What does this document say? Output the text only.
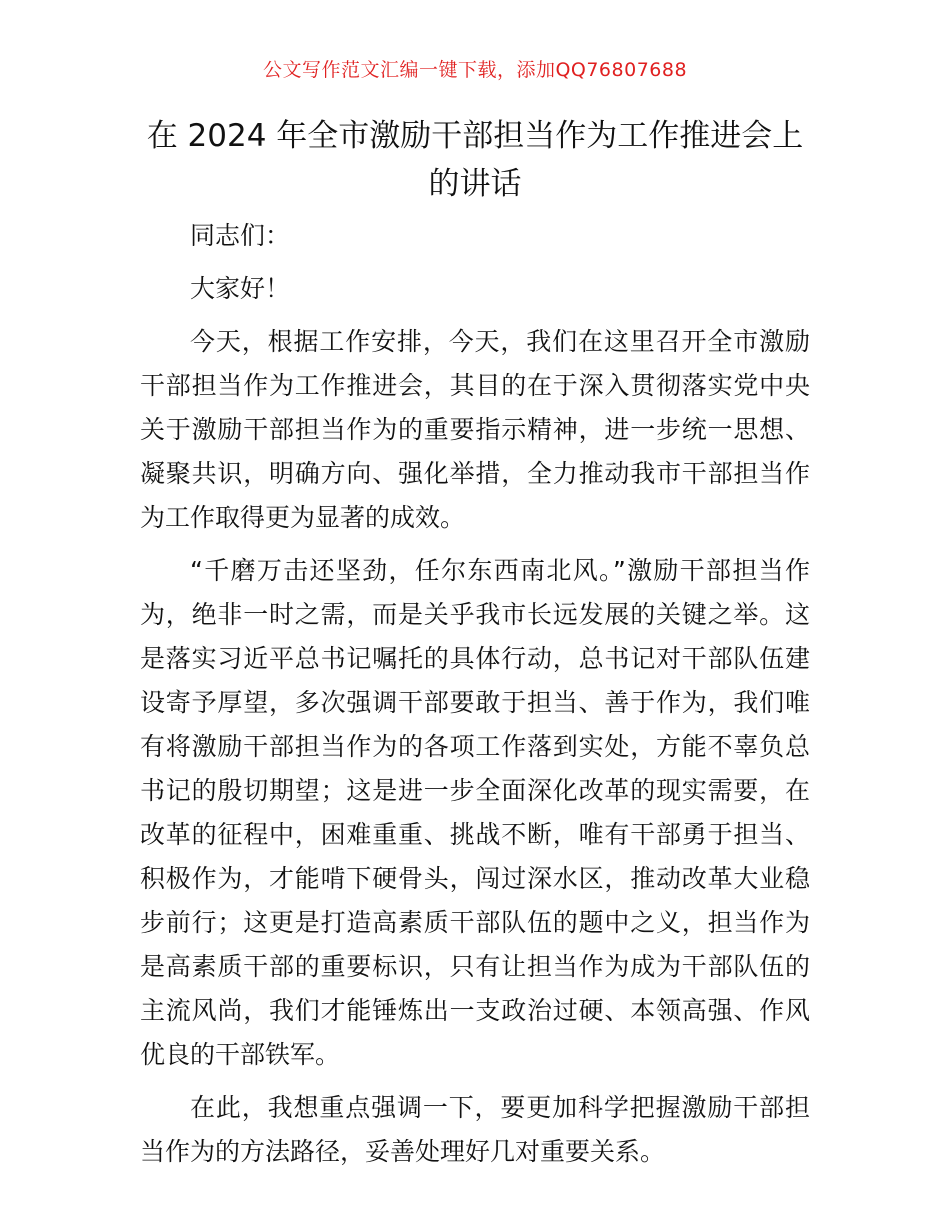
公文写作范文汇编一键下载，添加QQ76807688
在 2024 年全市激励干部担当作为工作推进会上的讲话

同志们：

大家好！

今天，根据工作安排，今天，我们在这里召开全市激励干部担当作为工作推进会，其目的在于深入贯彻落实党中央关于激励干部担当作为的重要指示精神，进一步统一思想、凝聚共识，明确方向、强化举措，全力推动我市干部担当作为工作取得更为显著的成效。

“千磨万击还坚劲，任尔东西南北风。”激励干部担当作为，绝非一时之需，而是关乎我市长远发展的关键之举。这是落实习近平总书记嘱托的具体行动，总书记对干部队伍建设寄予厚望，多次强调干部要敢于担当、善于作为，我们唯有将激励干部担当作为的各项工作落到实处，方能不辜负总书记的殷切期望；这是进一步全面深化改革的现实需要，在改革的征程中，困难重重、挑战不断，唯有干部勇于担当、积极作为，才能啃下硬骨头，闯过深水区，推动改革大业稳步前行；这更是打造高素质干部队伍的题中之义，担当作为是高素质干部的重要标识，只有让担当作为成为干部队伍的主流风尚，我们才能锤炼出一支政治过硬、本领高强、作风优良的干部铁军。

在此，我想重点强调一下，要更加科学把握激励干部担当作为的方法路径，妥善处理好几对重要关系。
